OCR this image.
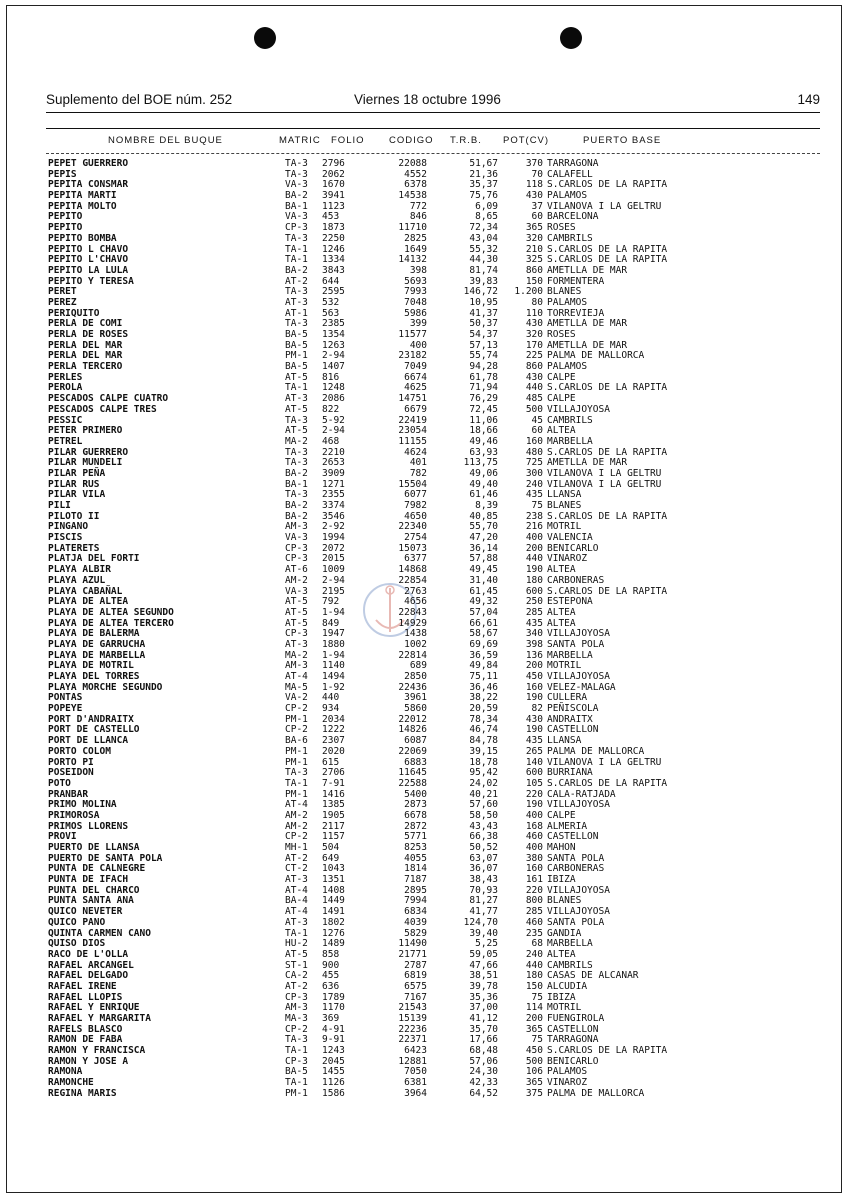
Suplemento del BOE núm. 252	Viernes 18 octubre 1996	149
NOMBRE DEL BUQUE	MATRIC FOLIO	CODIGO T.R.B. POT(CV)	PUERTO BASE
PEPET GUERRERO	TA-3 2796	22088	51,67	370 TARRAGONA
PEPIS	TA-3 2062	4552	21,36	70 CALAFELL
PEPITA CONSMAR	VA-3 1670	6378	35,37	118 S.CARLOS DE LA RAPITA
PEPITA MARTI	BA-2 3941	14538	75,76	430 PALAMOS
PEPITA MOLTO	BA-1 1123	772	6,09	37 VILANOVA I LA GELTRU
PEPITO	VA-3 453	846	8,65	60 BARCELONA
PEPITO	CP-3 1873	11710	72,34	365 ROSES
PEPITO BOMBA	TA-3 2250	2825	43,04	320 CAMBRILS
PEPITO L CHAVO	TA-1 1246	1649	55,32	210 S.CARLOS DE LA RAPITA
PEPITO L'CHAVO	TA-1 1334	14132	44,30	325 S.CARLOS DE LA RAPITA
PEPITO LA LULA	BA-2 3843	398	81,74	860 AMETLLA DE MAR
PEPITO Y TERESA	AT-2 644	5693	39,83	150 FORMENTERA
PERET	TA-3 2595	7993	146,72 1.200 BLANES
PEREZ	AT-3 532	7048	10,95	80 PALAMOS
PERIQUITO	AT-1 563	5986	41,37	110 TORREVIEJA
PERLA DE COMI	TA-3 2385	399	50,37	430 AMETLLA DE MAR
PERLA DE ROSES	BA-5 1354	11577	54,37	320 ROSES
PERLA DEL MAR	BA-5 1263	400	57,13	170 AMETLLA DE MAR
PERLA DEL MAR	PM-1 2-94	23182	55,74	225 PALMA DE MALLORCA
PERLA TERCERO	BA-5 1407	7049	94,28	860 PALAMOS
PERLES	AT-5 816	6674	61,78	430 CALPE
PEROLA	TA-1 1248	4625	71,94	440 S.CARLOS DE LA RAPITA
PESCADOS CALPE CUATRO	AT-3 2086	14751	76,29	485 CALPE
PESCADOS CALPE TRES	AT-5 822	6679	72,45	500 VILLAJOYOSA
PESSIC	TA-3 5-92	22419	11,06	45 CAMBRILS
PETER PRIMERO	AT-5 2-94	23054	18,66	60 ALTEA
PETREL	MA-2 468	11155	49,46	160 MARBELLA
PILAR GUERRERO	TA-3 2210	4624	63,93	480 S.CARLOS DE LA RAPITA
PILAR MUNDELI	TA-3 2653	401	113,75	725 AMETLLA DE MAR
PILAR PEÑA	BA-2 3909	782	49,06	300 VILANOVA I LA GELTRU
PILAR RUS	BA-1 1271	15504	49,40	240 VILANOVA I LA GELTRU
PILAR VILA	TA-3 2355	6077	61,46	435 LLANSA
PILI	BA-2 3374	7982	8,39	75 BLANES
PILOTO II	BA-2 3546	4650	40,85	238 S.CARLOS DE LA RAPITA
PINGANO	AM-3 2-92	22340	55,70	216 MOTRIL
PISCIS	VA-3 1994	2754	47,20	400 VALENCIA
PLATERETS	CP-3 2072	15073	36,14	200 BENICARLO
PLATJA DEL FORTI	CP-3 2015	6377	57,88	440 VINAROZ
PLAYA ALBIR	AT-6 1009	14868	49,45	190 ALTEA
PLAYA AZUL	AM-2 2-94	22854	31,40	180 CARBONERAS
PLAYA CABAÑAL	VA-3 2195	2763	61,45	600 S.CARLOS DE LA RAPITA
PLAYA DE ALTEA	AT-5 792	4656	49,32	250 ESTEPONA
PLAYA DE ALTEA SEGUNDO	AT-5 1-94	22843	57,04	285 ALTEA
PLAYA DE ALTEA TERCERO	AT-5 849	14929	66,61	435 ALTEA
PLAYA DE BALERMA	CP-3 1947	1438	58,67	340 VILLAJOYOSA
PLAYA DE GARRUCHA	AT-3 1880	1002	69,69	398 SANTA POLA
PLAYA DE MARBELLA	MA-2 1-94	22814	36,59	136 MARBELLA
PLAYA DE MOTRIL	AM-3 1140	689	49,84	200 MOTRIL
PLAYA DEL TORRES	AT-4 1494	2850	75,11	450 VILLAJOYOSA
PLAYA MORCHE SEGUNDO	MA-5 1-92	22436	36,46	160 VELEZ-MALAGA
PONTAS	VA-2 440	3961	38,22	190 CULLERA
POPEYE	CP-2 934	5860	20,59	82 PEÑISCOLA
PORT D'ANDRAITX	PM-1 2034	22012	78,34	430 ANDRAITX
PORT DE CASTELLO	CP-2 1222	14826	46,74	190 CASTELLON
PORT DE LLANCA	BA-6 2307	6087	84,78	435 LLANSA
PORTO COLOM	PM-1 2020	22069	39,15	265 PALMA DE MALLORCA
PORTO PI	PM-1 615	6883	18,78	140 VILANOVA I LA GELTRU
POSEIDON	TA-3 2706	11645	95,42	600 BURRIANA
POTO	TA-1 7-91	22588	24,02	105 S.CARLOS DE LA RAPITA
PRANBAR	PM-1 1416	5400	40,21	220 CALA-RATJADA
PRIMO MOLINA	AT-4 1385	2873	57,60	190 VILLAJOYOSA
PRIMOROSA	AM-2 1905	6678	58,50	400 CALPE
PRIMOS LLORENS	AM-2 2117	2872	43,43	168 ALMERIA
PROVI	CP-2 1157	5771	66,38	460 CASTELLON
PUERTO DE LLANSA	MH-1 504	8253	50,52	400 MAHON
PUERTO DE SANTA POLA	AT-2 649	4055	63,07	380 SANTA POLA
PUNTA DE CALNEGRE	CT-2 1043	1814	36,07	160 CARBONERAS
PUNTA DE IFACH	AT-3 1351	7187	38,43	161 IBIZA
PUNTA DEL CHARCO	AT-4 1408	2895	70,93	220 VILLAJOYOSA
PUNTA SANTA ANA	BA-4 1449	7994	81,27	800 BLANES
QUICO NEVETER	AT-4 1491	6834	41,77	285 VILLAJOYOSA
QUICO PANO	AT-3 1802	4039	124,70	460 SANTA POLA
QUINTA CARMEN CANO	TA-1 1276	5829	39,40	235 GANDIA
QUISO DIOS	HU-2 1489	11490	5,25	68 MARBELLA
RACO DE L'OLLA	AT-5 858	21771	59,05	240 ALTEA
RAFAEL ARCANGEL	ST-1 900	2787	47,66	440 CAMBRILS
RAFAEL DELGADO	CA-2 455	6819	38,51	180 CASAS DE ALCANAR
RAFAEL IRENE	AT-2 636	6575	39,78	150 ALCUDIA
RAFAEL LLOPIS	CP-3 1789	7167	35,36	75 IBIZA
RAFAEL Y ENRIQUE	AM-3 1170	21543	37,00	114 MOTRIL
RAFAEL Y MARGARITA	MA-3 369	15139	41,12	200 FUENGIROLA
RAFELS BLASCO	CP-2 4-91	22236	35,70	365 CASTELLON
RAMON DE FABA	TA-3 9-91	22371	17,66	75 TARRAGONA
RAMON Y FRANCISCA	TA-1 1243	6423	68,48	450 S.CARLOS DE LA RAPITA
RAMON Y JOSE A	CP-3 2045	12881	57,06	500 BENICARLO
RAMONA	BA-5 1455	7050	24,30	106 PALAMOS
RAMONCHE	TA-1 1126	6381	42,33	365 VINAROZ
REGINA MARIS	PM-1 1586	3964	64,52	375 PALMA DE MALLORCA
